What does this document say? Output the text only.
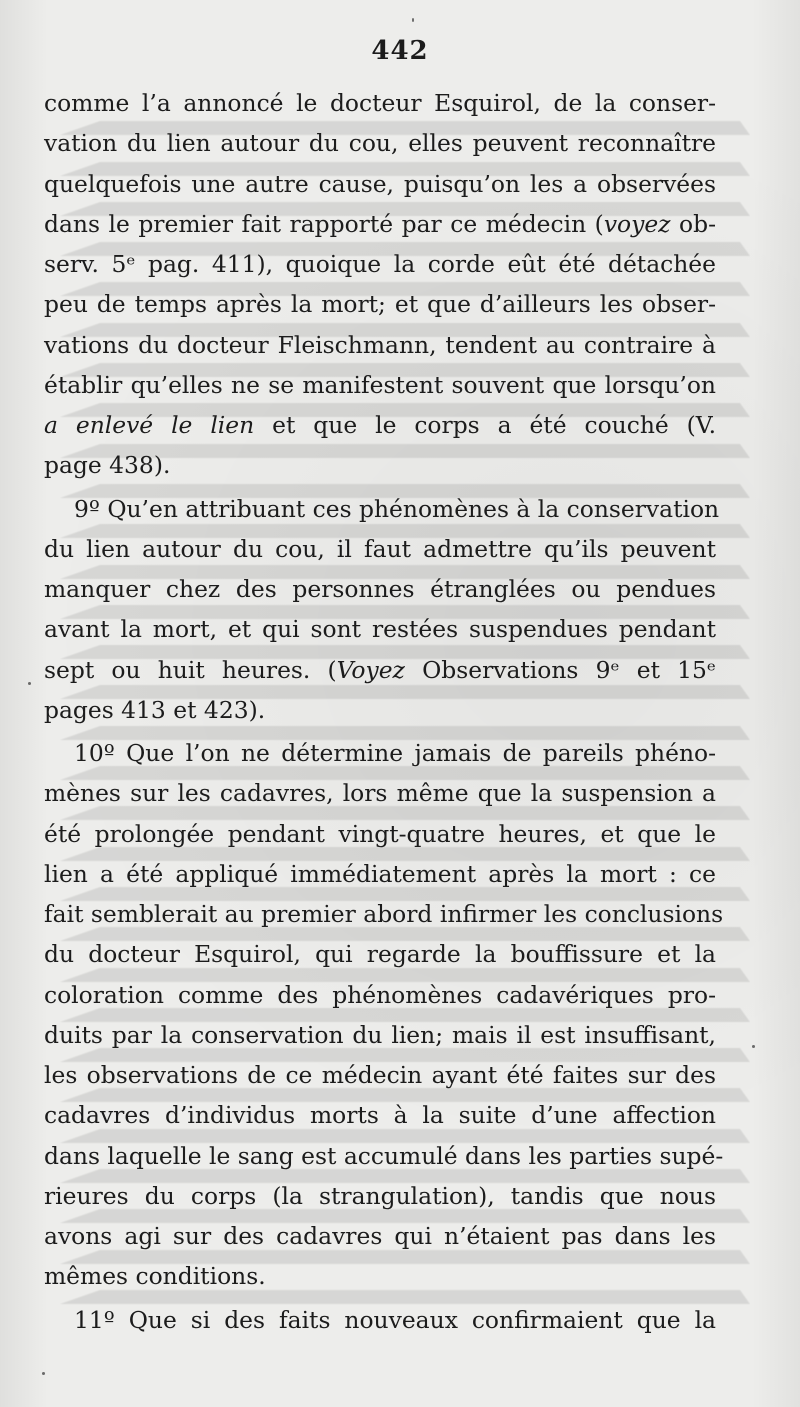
442
comme l’a annoncé le docteur Esquirol, de la conser-
vation du lien autour du cou, elles peuvent reconnaître
quelquefois une autre cause, puisqu’on les a observées
dans le premier fait rapporté par ce médecin (voyez ob-
serv. 5ᵉ pag. 411), quoique la corde eût été détachée
peu de temps après la mort; et que d’ailleurs les obser-
vations du docteur Fleischmann, tendent au contraire à
établir qu’elles ne se manifestent souvent que lorsqu’on
a enlevé le lien et que le corps a été couché (V.
page 438).
9º Qu’en attribuant ces phénomènes à la conservation
du lien autour du cou, il faut admettre qu’ils peuvent
manquer chez des personnes étranglées ou pendues
avant la mort, et qui sont restées suspendues pendant
sept ou huit heures. (Voyez Observations 9ᵉ et 15ᵉ
pages 413 et 423).
10º Que l’on ne détermine jamais de pareils phéno-
mènes sur les cadavres, lors même que la suspension a
été prolongée pendant vingt-quatre heures, et que le
lien a été appliqué immédiatement après la mort : ce
fait semblerait au premier abord infirmer les conclusions
du docteur Esquirol, qui regarde la bouffissure et la
coloration comme des phénomènes cadavériques pro-
duits par la conservation du lien; mais il est insuffisant,
les observations de ce médecin ayant été faites sur des
cadavres d’individus morts à la suite d’une affection
dans laquelle le sang est accumulé dans les parties supé-
rieures du corps (la strangulation), tandis que nous
avons agi sur des cadavres qui n’étaient pas dans les
mêmes conditions.
11º Que si des faits nouveaux confirmaient que la
